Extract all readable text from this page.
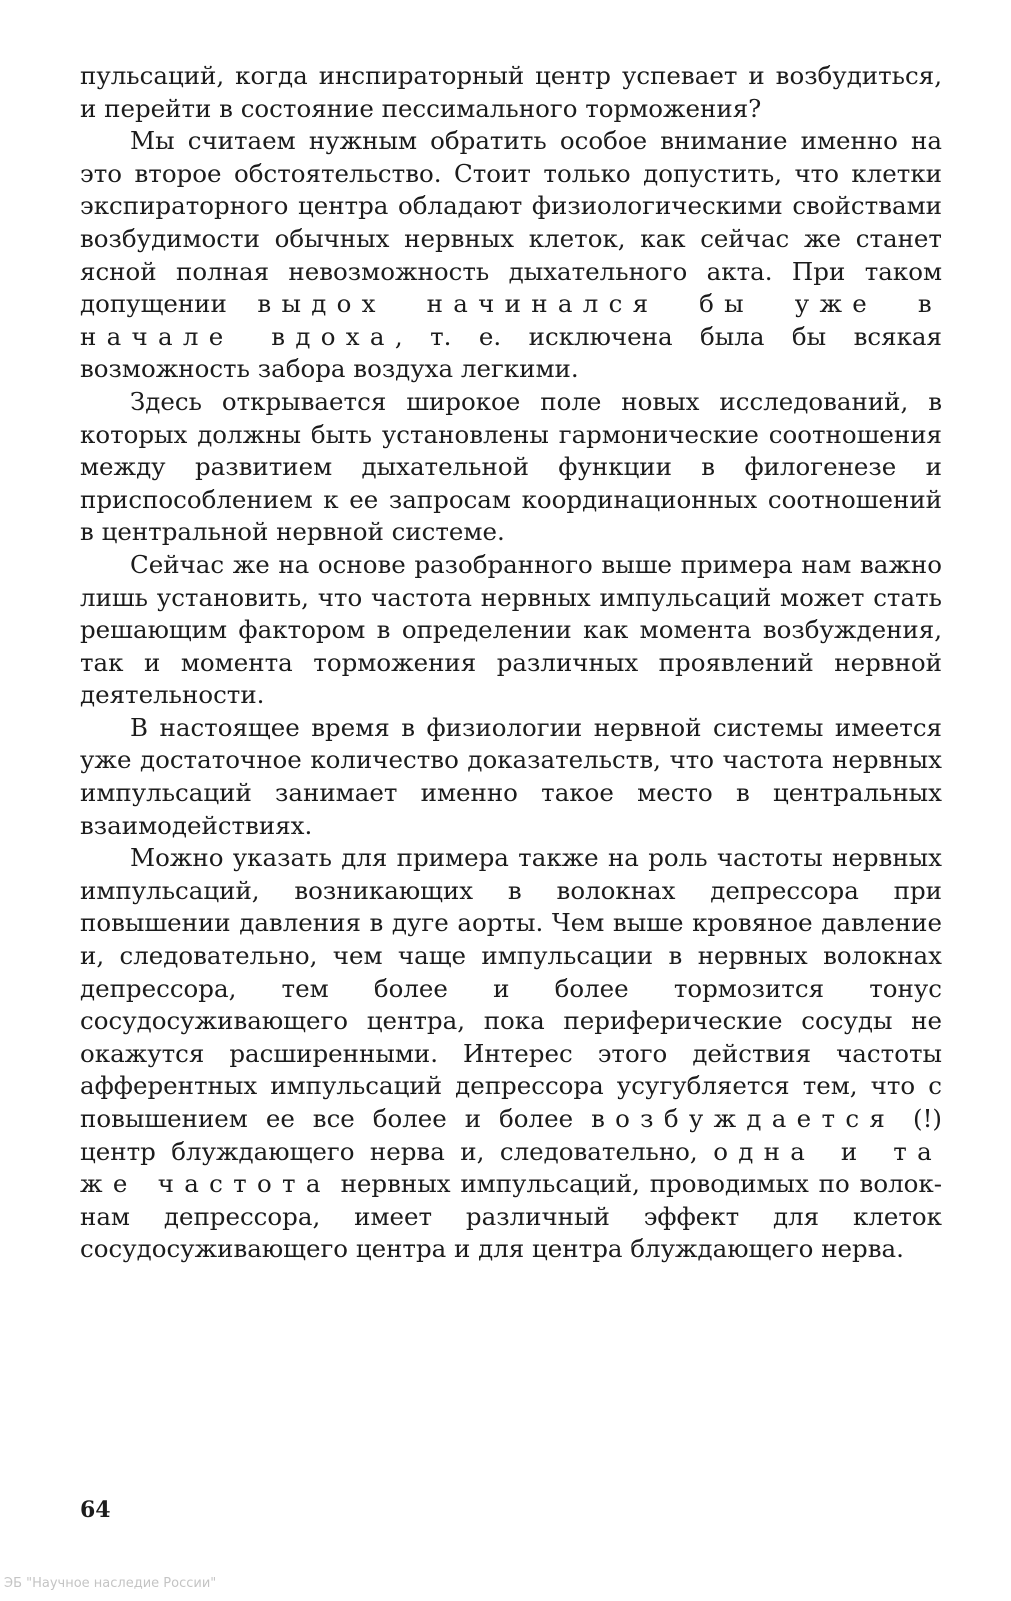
пульсаций, когда инспираторный центр успевает и возбудиться, и перейти в состояние пессимального торможения?

Мы считаем нужным обратить особое внимание именно на это второе обстоятельство. Стоит только допустить, что клетки экспираторного центра обладают физиологическими свойствами возбудимости обычных нервных клеток, как сейчас же станет ясной полная невозможность дыхательного акта. При таком допущении выдох начинался бы уже в начале вдоха, т. е. исключена была бы всякая возможность забора воздуха легкими.

Здесь открывается широкое поле новых исследований, в которых должны быть установлены гармонические соотношения между развитием дыхательной функции в филогенезе и приспособлением к ее запросам координационных соотношений в центральной нервной системе.

Сейчас же на основе разобранного выше примера нам важно лишь установить, что частота нервных импульсаций может стать решающим фактором в определении как момента возбуждения, так и момента торможения различных проявлений нервной деятельности.

В настоящее время в физиологии нервной системы имеется уже достаточное количество доказательств, что частота нервных импульсаций занимает именно такое место в центральных взаимодействиях.

Можно указать для примера также на роль частоты нервных импульсаций, возникающих в волокнах депрессора при повышении давления в дуге аорты. Чем выше кровяное давление и, следовательно, чем чаще импульсации в нервных волокнах депрессора, тем более и более тормозится тонус сосудосуживающего центра, пока периферические сосуды не окажутся расширенными. Интерес этого действия частоты афферентных импульсаций депрессора усугубляется тем, что с повышением ее все более и более возбуждается (!) центр блуждающего нерва и, следовательно, одна и та же частота нервных импульсаций, проводимых по волокнам депрессора, имеет различный эффект для клеток сосудосуживающего центра и для центра блуждающего нерва.

64
ЭБ "Научное наследие России"
